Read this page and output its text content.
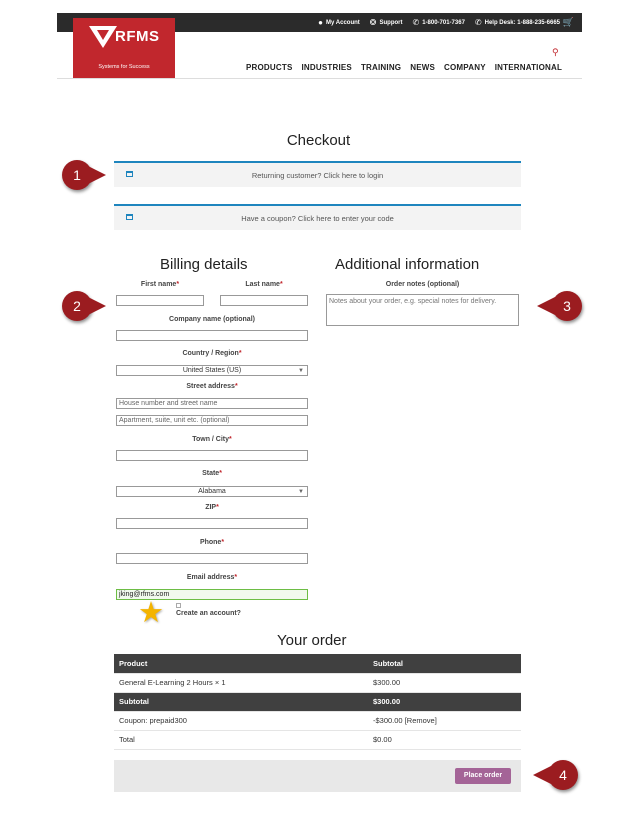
● My Account ❂ Support ✆ 1-800-701-7367 ✆ Help Desk: 1-888-235-6665 🛒
RFMS
Systems for Success
⚲
PRODUCTS INDUSTRIES TRAINING NEWS COMPANY INTERNATIONAL
Checkout
Returning customer? Click here to login
Have a coupon? Click here to enter your code
1
2	3
4
Billing details
First name*	Last name*
Company name (optional)
Country / Region*
United States (US)	▼
Street address*
House number and street name
Apartment, suite, unit etc. (optional)
Town / City*
State*
Alabama	▼
ZIP*
Phone*
Email address*
jking@rfms.com
★ Create an account?
Additional information
Order notes (optional)
Notes about your order, e.g. special notes for delivery.
Your order
Product	Subtotal
General E-Learning 2 Hours × 1	$300.00
Subtotal	$300.00
Coupon: prepaid300	-$300.00 [Remove]
Total	$0.00
Place order
